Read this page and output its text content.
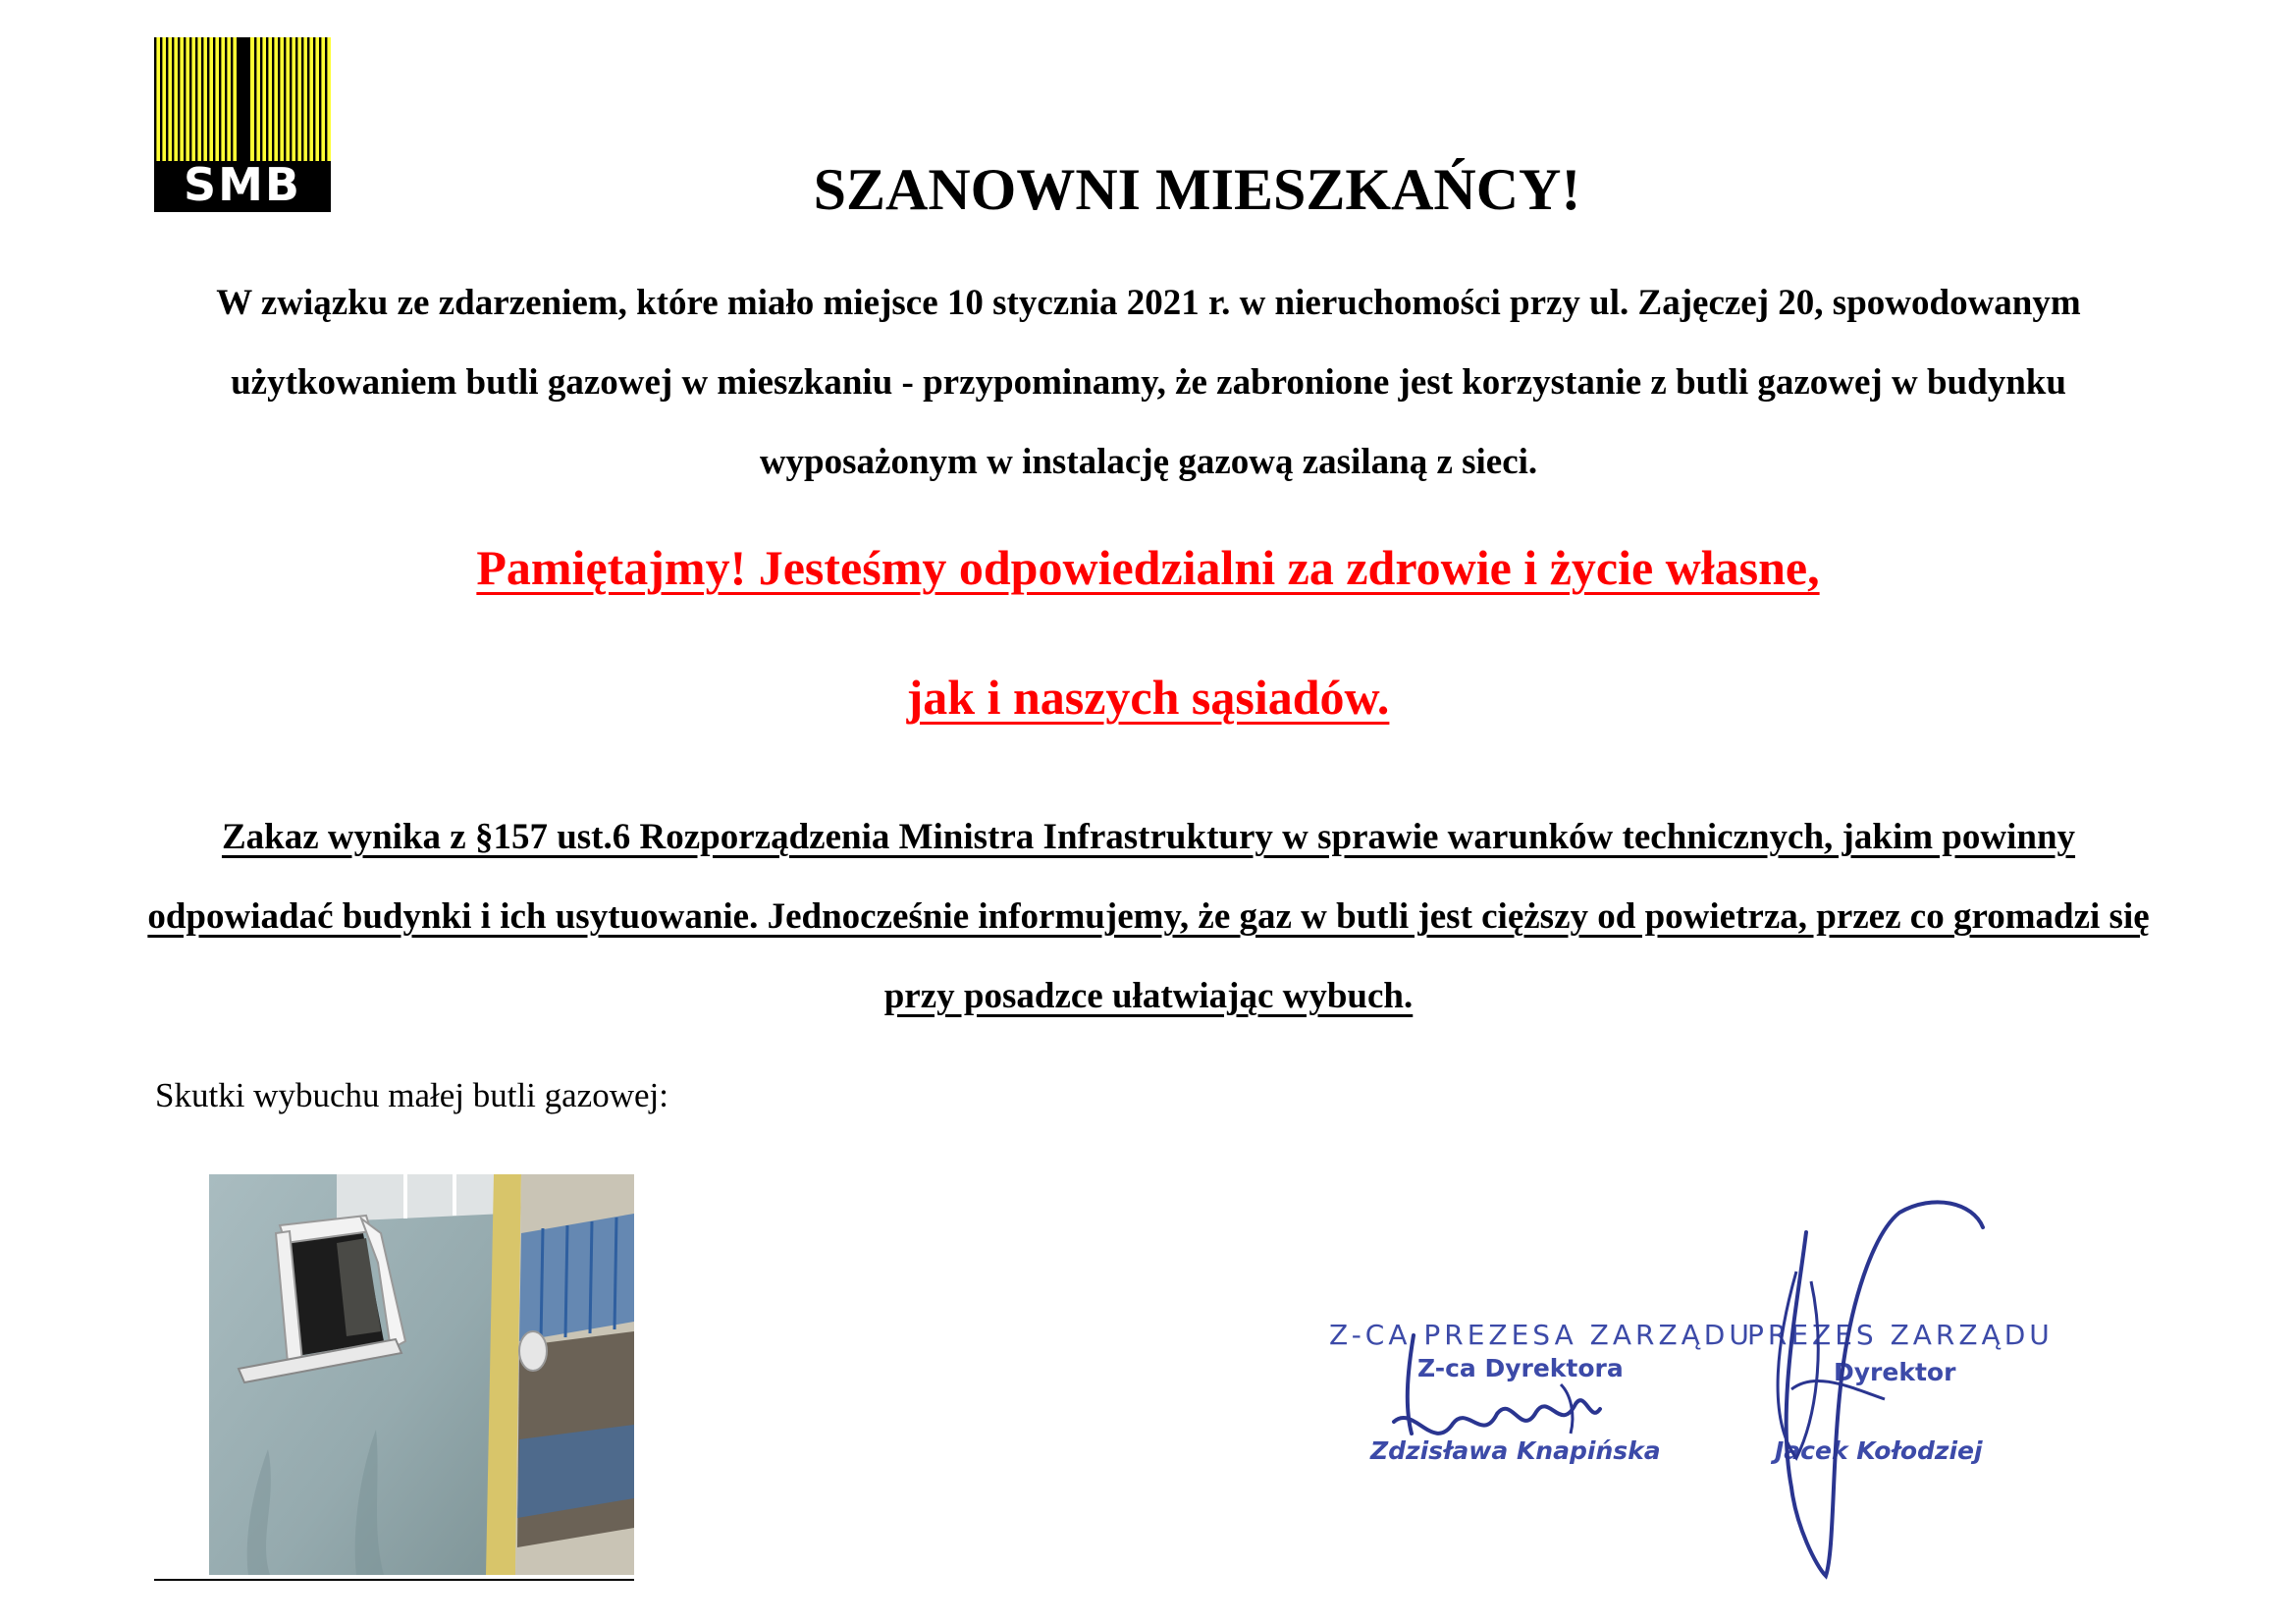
SMB	SZANOWNI MIESZKAŃCY!

W związku ze zdarzeniem, które miało miejsce 10 stycznia 2021 r. w nieruchomości przy ul. Zajęczej 20, spowodowanym użytkowaniem butli gazowej w mieszkaniu - przypominamy, że zabronione jest korzystanie z butli gazowej w budynku wyposażonym w instalację gazową zasilaną z sieci.

Pamiętajmy! Jesteśmy odpowiedzialni za zdrowie i życie własne,

jak i naszych sąsiadów.

Zakaz wynika z §157 ust.6 Rozporządzenia Ministra Infrastruktury w sprawie warunków technicznych, jakim powinny odpowiadać budynki i ich usytuowanie. Jednocześnie informujemy, że gaz w butli jest cięższy od powietrza, przez co gromadzi się przy posadzce ułatwiając wybuch.

Skutki wybuchu małej butli gazowej:

Z-CA PREZESA ZARZĄDU

Z-ca Dyrektora

Zdzisława Knapińska

PREZES ZARZĄDU

Dyrektor

Jacek Kołodziej
